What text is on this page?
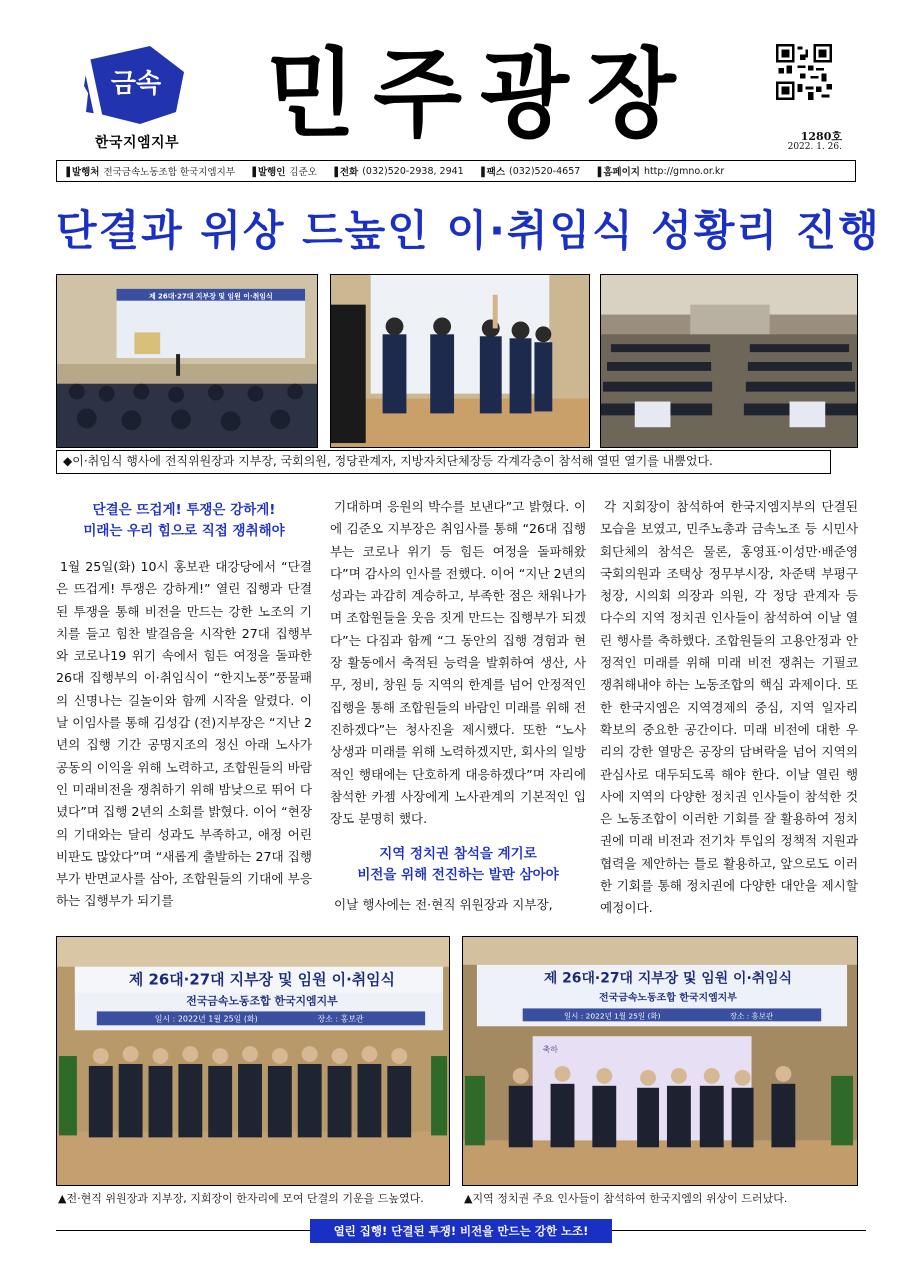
금속
한국지엠지부 민주광장	1280호
2022. 1. 26.
▐ 발행처 전국금속노동조합 한국지엠지부	▐ 발행인 김준오	▐ 전화 (032)520-2938, 2941	▐ 팩스 (032)520-4657	▐ 홈페이지 http://gmno.or.kr
단결과 위상 드높인 이·취임식 성황리 진행
제 26대·27대 지부장 및 임원 이·취임식
◆이·취임식 행사에 전직위원장과 지부장, 국회의원, 정당관계자, 지방자치단체장등 각계각층이 참석해 열띤 열기를 내뿜었다.
단결은 뜨겁게! 투쟁은 강하게!
미래는 우리 힘으로 직접 쟁취해야

1월 25일(화) 10시 홍보관 대강당에서 “단결은 뜨겁게! 투쟁은 강하게!” 열린 집행과 단결된 투쟁을 통해 비전을 만드는 강한 노조의 기치를 들고 힘찬 발걸음을 시작한 27대 집행부와 코로나19 위기 속에서 힘든 여정을 돌파한 26대 집행부의 이·취임식이 “한지노풍”풍물패의 신명나는 길놀이와 함께 시작을 알렸다. 이날 이임사를 통해 김성갑 (전)지부장은 “지난 2년의 집행 기간 공명지조의 정신 아래 노사가 공동의 이익을 위해 노력하고, 조합원들의 바람인 미래비전을 쟁취하기 위해 밤낮으로 뛰어 다녔다”며 집행 2년의 소회를 밝혔다. 이어 “현장의 기대와는 달리 성과도 부족하고, 애정 어린 비판도 많았다”며 “새롭게 출발하는 27대 집행부가 반면교사를 삼아, 조합원들의 기대에 부응하는 집행부가 되기를

기대하며 응원의 박수를 보낸다”고 밝혔다. 이에 김준오 지부장은 취임사를 통해 “26대 집행부는 코로나 위기 등 힘든 여정을 돌파해왔다”며 감사의 인사를 전했다. 이어 “지난 2년의 성과는 과감히 계승하고, 부족한 점은 채워나가며 조합원들을 웃음 짓게 만드는 집행부가 되겠다”는 다짐과 함께 “그 동안의 집행 경험과 현장 활동에서 축적된 능력을 발휘하여 생산, 사무, 정비, 창원 등 지역의 한계를 넘어 안정적인 집행을 통해 조합원들의 바람인 미래를 위해 전진하겠다”는 청사진을 제시했다. 또한 “노사 상생과 미래를 위해 노력하겠지만, 회사의 일방적인 행태에는 단호하게 대응하겠다”며 자리에 참석한 카젬 사장에게 노사관계의 기본적인 입장도 분명히 했다.

지역 정치권 참석을 계기로
비전을 위해 전진하는 발판 삼아야

이날 행사에는 전·현직 위원장과 지부장,

각 지회장이 참석하여 한국지엠지부의 단결된 모습을 보였고, 민주노총과 금속노조 등 시민사회단체의 참석은 물론, 홍영표·이성만·배준영 국회의원과 조택상 정무부시장, 차준택 부평구청장, 시의회 의장과 의원, 각 정당 관계자 등 다수의 지역 정치권 인사들이 참석하여 이날 열린 행사를 축하했다. 조합원들의 고용안정과 안정적인 미래를 위해 미래 비전 쟁취는 기필코 쟁취해내야 하는 노동조합의 핵심 과제이다. 또한 한국지엠은 지역경제의 중심, 지역 일자리 확보의 중요한 공간이다. 미래 비전에 대한 우리의 강한 열망은 공장의 담벼락을 넘어 지역의 관심사로 대두되도록 해야 한다. 이날 열린 행사에 지역의 다양한 정치권 인사들이 참석한 것은 노동조합이 이러한 기회를 잘 활용하여 정치권에 미래 비전과 전기차 투입의 정책적 지원과 협력을 제안하는 틀로 활용하고, 앞으로도 이러한 기회를 통해 정치권에 다양한 대안을 제시할 예정이다.

제 26대·27대 지부장 및 임원 이·취임식
전국금속노동조합 한국지엠지부
일시 : 2022년 1월 25일 (화)	장소 : 홍보관
▲전·현직 위원장과 지부장, 지회장이 한자리에 모여 단결의 기운을 드높였다.
제 26대·27대 지부장 및 임원 이·취임식
전국금속노동조합 한국지엠지부
일시 : 2022년 1월 25일 (화)	장소 : 홍보관
축하
▲지역 정치권 주요 인사들이 참석하여 한국지엠의 위상이 드러났다.
열린 집행! 단결된 투쟁! 비전을 만드는 강한 노조!
